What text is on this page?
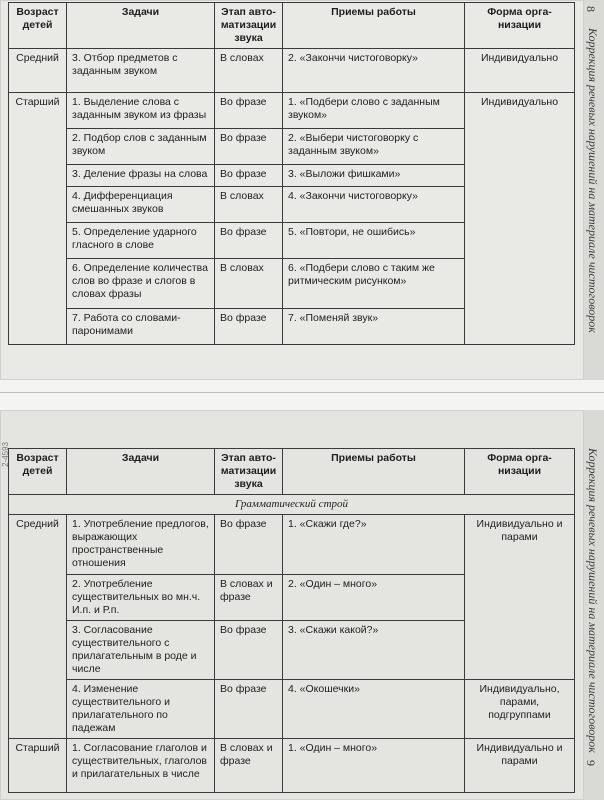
Возраст детей	Задачи	Этап авто- матизации звука	Приемы работы	Форма орга- низации
Средний	3. Отбор предметов с заданным звуком	В словах	2. «Закончи чистоговорку»	Индивидуально
Старший	1. Выделение слова с заданным звуком из фразы	Во фразе	1. «Подбери слово с заданным звуком»	Индивидуально
	2. Подбор слов с заданным звуком	Во фразе	2. «Выбери чистоговорку с заданным звуком»	
	3. Деление фразы на слова	Во фразе	3. «Выложи фишками»	
	4. Дифференциация смешанных звуков	В словах	4. «Закончи чистоговорку»	
	5. Определение ударного гласного в слове	Во фразе	5. «Повтори, не ошибись»	
	6. Определение количества слов во фразе и слогов в словах фразы	В словах	6. «Подбери слово с таким же ритмическим рисунком»	
	7. Работа со словами-паронимами	Во фразе	7. «Поменяй звук»	
8
Коррекция речевых нарушений на материале чистоговорок
Возраст детей	Задачи	Этап авто- матизации звука	Приемы работы	Форма орга- низации
Грамматический строй				
Средний	1. Употребление предлогов, выражающих пространственные отношения	Во фразе	1. «Скажи где?»	Индивидуально и парами
	2. Употребление существительных во мн.ч. И.п. и Р.п.	В словах и фразе	2. «Один – много»	
	3. Согласование существительного с прилагательным в роде и числе	Во фразе	3. «Скажи какой?»	
	4. Изменение существительного и прилагательного по падежам	Во фразе	4. «Окошечки»	Индивидуально, парами, подгруппами
Старший	1. Согласование глаголов и существительных, глаголов и прилагательных в числе	В словах и фразе	1. «Один – много»	Индивидуально и парами
2-4593	Коррекция речевых нарушений на материале чистоговорок
9
